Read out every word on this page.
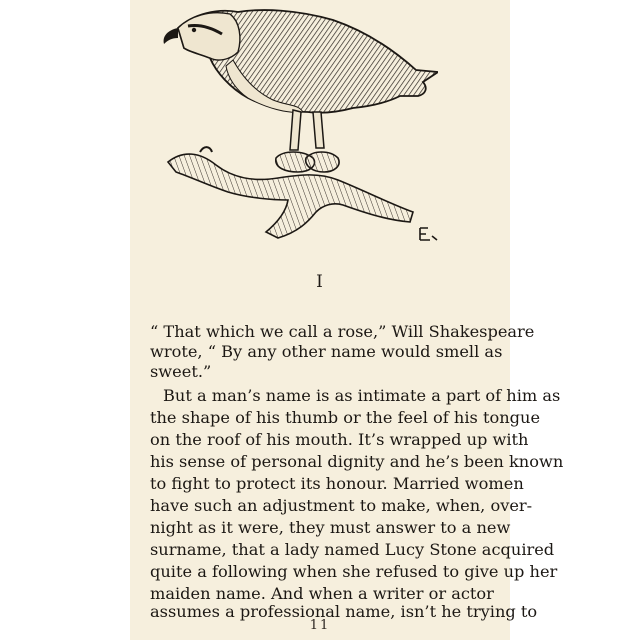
I
“ That which we call a rose,” Will Shakespeare
wrote, “ By any other name would smell as
sweet.”
But a man’s name is as intimate a part of him as
the shape of his thumb or the feel of his tongue
on the roof of his mouth. It’s wrapped up with
his sense of personal dignity and he’s been known
to fight to protect its honour. Married women
have such an adjustment to make, when, over-
night as it were, they must answer to a new
surname, that a lady named Lucy Stone acquired
quite a following when she refused to give up her
maiden name. And when a writer or actor
assumes a professional name, isn’t he trying to
11
